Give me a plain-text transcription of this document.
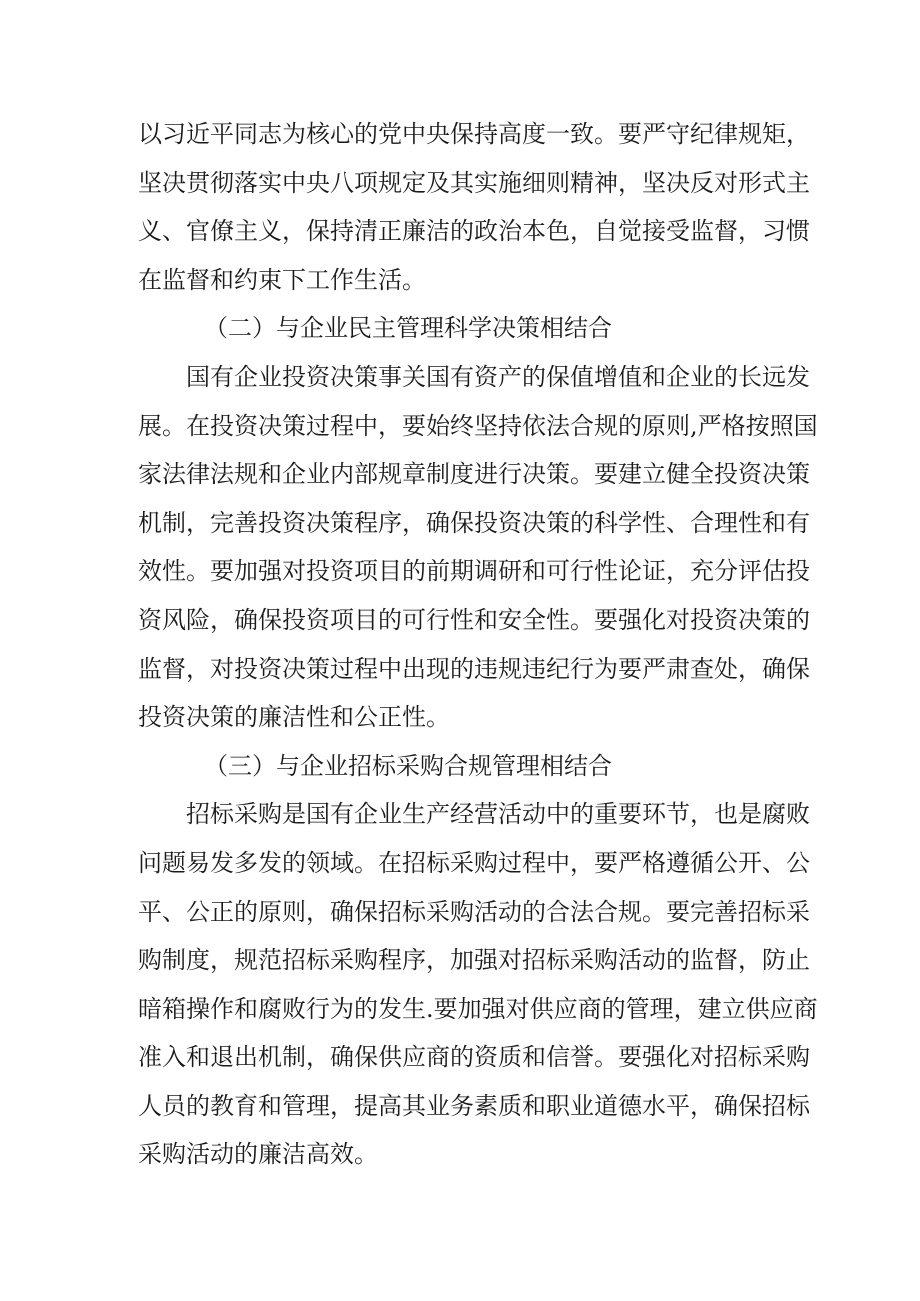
以习近平同志为核心的党中央保持高度一致。要严守纪律规矩，
坚决贯彻落实中央八项规定及其实施细则精神，坚决反对形式主
义、官僚主义，保持清正廉洁的政治本色，自觉接受监督，习惯
在监督和约束下工作生活。
（二）与企业民主管理科学决策相结合
国有企业投资决策事关国有资产的保值增值和企业的长远发
展。在投资决策过程中，要始终坚持依法合规的原则,严格按照国
家法律法规和企业内部规章制度进行决策。要建立健全投资决策
机制，完善投资决策程序，确保投资决策的科学性、合理性和有
效性。要加强对投资项目的前期调研和可行性论证，充分评估投
资风险，确保投资项目的可行性和安全性。要强化对投资决策的
监督，对投资决策过程中出现的违规违纪行为要严肃查处，确保
投资决策的廉洁性和公正性。
（三）与企业招标采购合规管理相结合
招标采购是国有企业生产经营活动中的重要环节，也是腐败
问题易发多发的领域。在招标采购过程中，要严格遵循公开、公
平、公正的原则，确保招标采购活动的合法合规。要完善招标采
购制度，规范招标采购程序，加强对招标采购活动的监督，防止
暗箱操作和腐败行为的发生.要加强对供应商的管理，建立供应商
准入和退出机制，确保供应商的资质和信誉。要强化对招标采购
人员的教育和管理，提高其业务素质和职业道德水平，确保招标
采购活动的廉洁高效。
